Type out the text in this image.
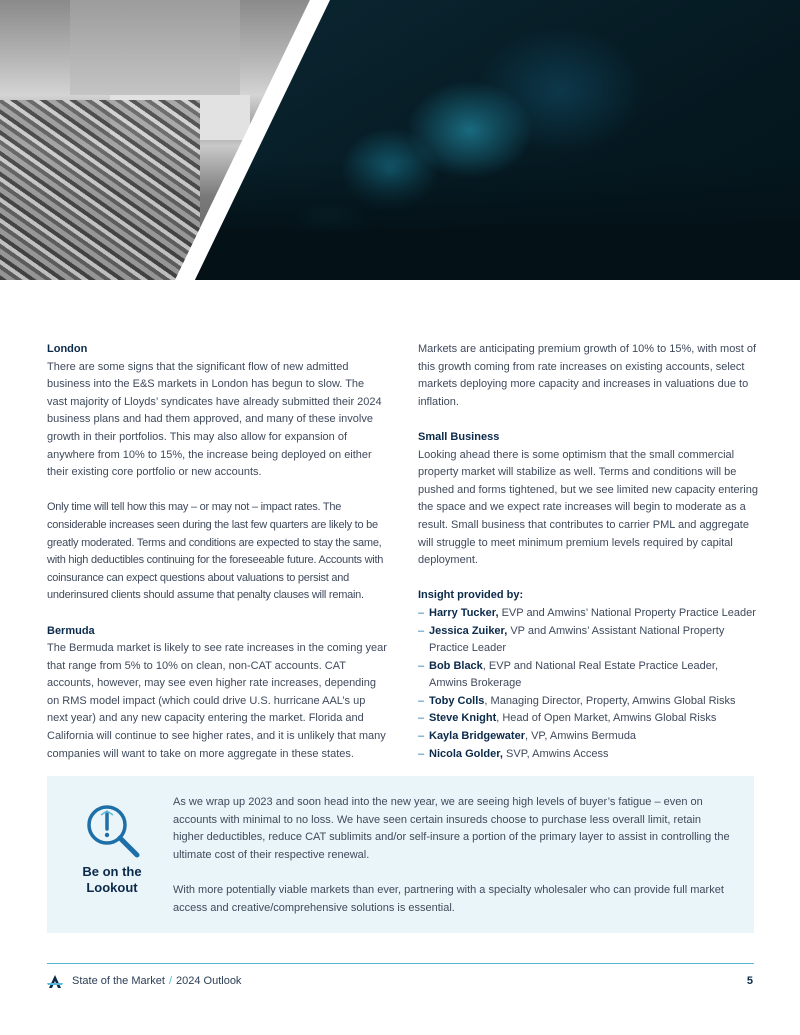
London

There are some signs that the significant flow of new admitted business into the E&S markets in London has begun to slow. The vast majority of Lloyds’ syndicates have already submitted their 2024 business plans and had them approved, and many of these involve growth in their portfolios. This may also allow for expansion of anywhere from 10% to 15%, the increase being deployed on either their existing core portfolio or new accounts.

Only time will tell how this may – or may not – impact rates. The considerable increases seen during the last few quarters are likely to be greatly moderated. Terms and conditions are expected to stay the same, with high deductibles continuing for the foreseeable future. Accounts with coinsurance can expect questions about valuations to persist and underinsured clients should assume that penalty clauses will remain.

Bermuda

The Bermuda market is likely to see rate increases in the coming year that range from 5% to 10% on clean, non-CAT accounts. CAT accounts, however, may see even higher rate increases, depending on RMS model impact (which could drive U.S. hurricane AAL’s up next year) and any new capacity entering the market. Florida and California will continue to see higher rates, and it is unlikely that many companies will want to take on more aggregate in these states.

Markets are anticipating premium growth of 10% to 15%, with most of this growth coming from rate increases on existing accounts, select markets deploying more capacity and increases in valuations due to inflation.

Small Business

Looking ahead there is some optimism that the small commercial property market will stabilize as well. Terms and conditions will be pushed and forms tightened, but we see limited new capacity entering the space and we expect rate increases will begin to moderate as a result. Small business that contributes to carrier PML and aggregate will struggle to meet minimum premium levels required by capital deployment.

Insight provided by:
– Harry Tucker, EVP and Amwins’ National Property Practice Leader
– Jessica Zuiker, VP and Amwins’ Assistant National Property Practice Leader
– Bob Black, EVP and National Real Estate Practice Leader, Amwins Brokerage
– Toby Colls, Managing Director, Property, Amwins Global Risks
– Steve Knight, Head of Open Market, Amwins Global Risks
– Kayla Bridgewater, VP, Amwins Bermuda
– Nicola Golder, SVP, Amwins Access
Be on the Lookout

As we wrap up 2023 and soon head into the new year, we are seeing high levels of buyer’s fatigue – even on accounts with minimal to no loss. We have seen certain insureds choose to purchase less overall limit, retain higher deductibles, reduce CAT sublimits and/or self-insure a portion of the primary layer to assist in controlling the ultimate cost of their respective renewal.

With more potentially viable markets than ever, partnering with a specialty wholesaler who can provide full market access and creative/comprehensive solutions is essential.

State of the Market / 2024 Outlook	5
